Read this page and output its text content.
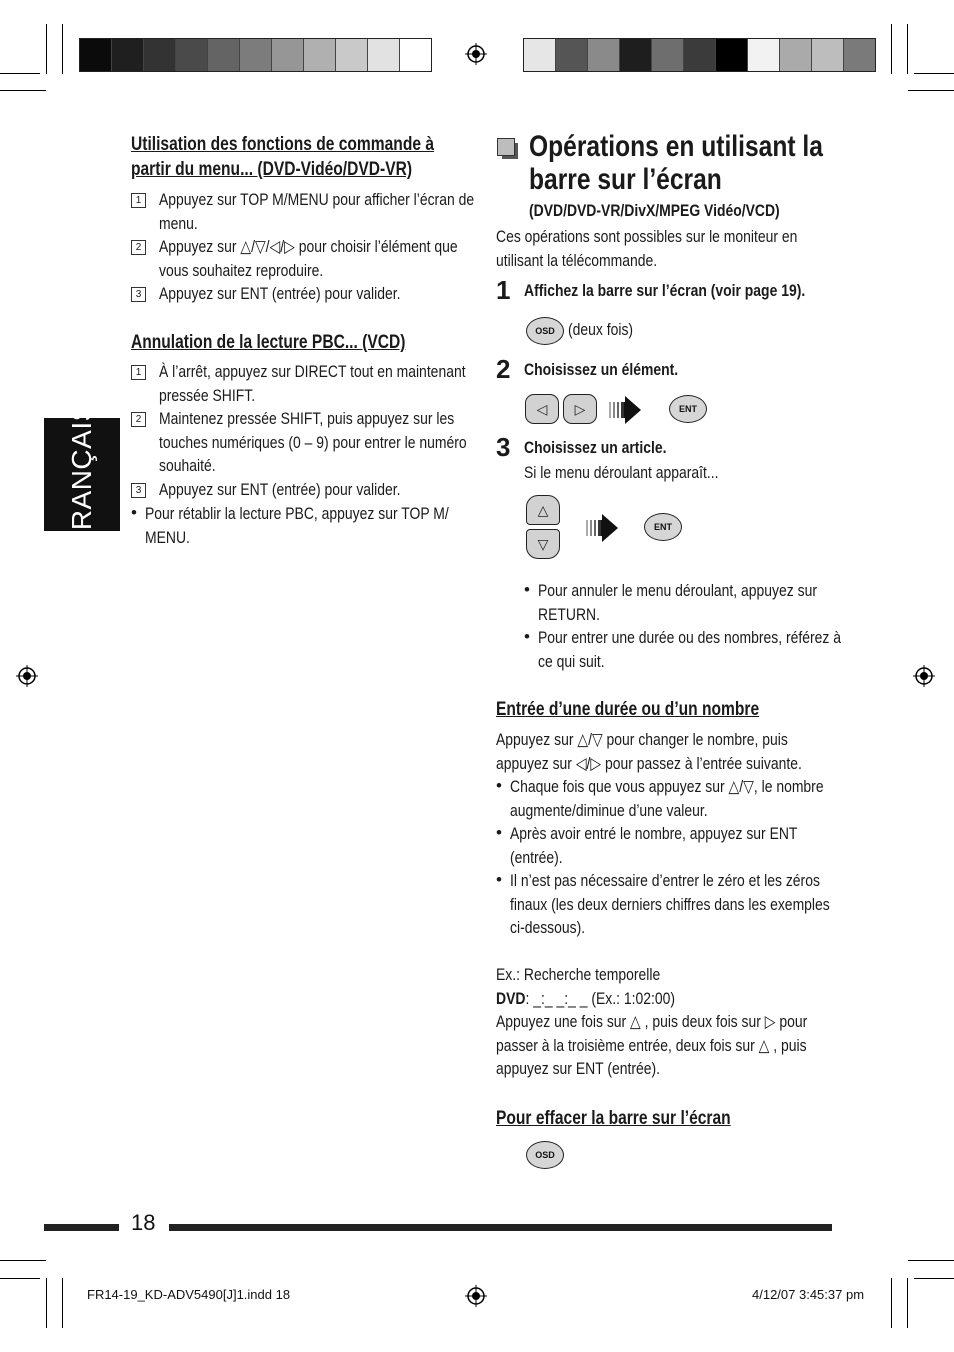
FRANÇAIS
Utilisation des fonctions de commande à
partir du menu... (DVD-Vidéo/DVD-VR)
1 Appuyez sur TOP M/MENU pour afficher l’écran de
menu.
2 Appuyez sur △/▽/◁/▷ pour choisir l’élément que
vous souhaitez reproduire.
3 Appuyez sur ENT (entrée) pour valider.
Annulation de la lecture PBC... (VCD)
1 À l’arrêt, appuyez sur DIRECT tout en maintenant
pressée SHIFT.
2 Maintenez pressée SHIFT, puis appuyez sur les
touches numériques (0 – 9) pour entrer le numéro
souhaité.
3 Appuyez sur ENT (entrée) pour valider.
• Pour rétablir la lecture PBC, appuyez sur TOP M/
MENU.
Opérations en utilisant la
barre sur l’écran
(DVD/DVD-VR/DivX/MPEG Vidéo/VCD)
Ces opérations sont possibles sur le moniteur en
utilisant la télécommande.
1 Affichez la barre sur l’écran (voir page 19).
OSD (deux fois)
2 Choisissez un élément.
◁	▷	ENT
3 Choisissez un article.
Si le menu déroulant apparaît...
△
▽
ENT
• Pour annuler le menu déroulant, appuyez sur
RETURN.
• Pour entrer une durée ou des nombres, référez à
ce qui suit.
Entrée d’une durée ou d’un nombre
Appuyez sur △/▽ pour changer le nombre, puis
appuyez sur ◁/▷ pour passez à l’entrée suivante.
• Chaque fois que vous appuyez sur △/▽, le nombre
augmente/diminue d’une valeur.
• Après avoir entré le nombre, appuyez sur ENT
(entrée).
• Il n’est pas nécessaire d’entrer le zéro et les zéros
finaux (les deux derniers chiffres dans les exemples
ci-dessous).
Ex.: Recherche temporelle
DVD: _:_ _:_ _ (Ex.: 1:02:00)
Appuyez une fois sur △ , puis deux fois sur ▷ pour
passer à la troisième entrée, deux fois sur △ , puis
appuyez sur ENT (entrée).
Pour effacer la barre sur l’écran
OSD
18
FR14-19_KD-ADV5490[J]1.indd 18	4/12/07 3:45:37 pm
